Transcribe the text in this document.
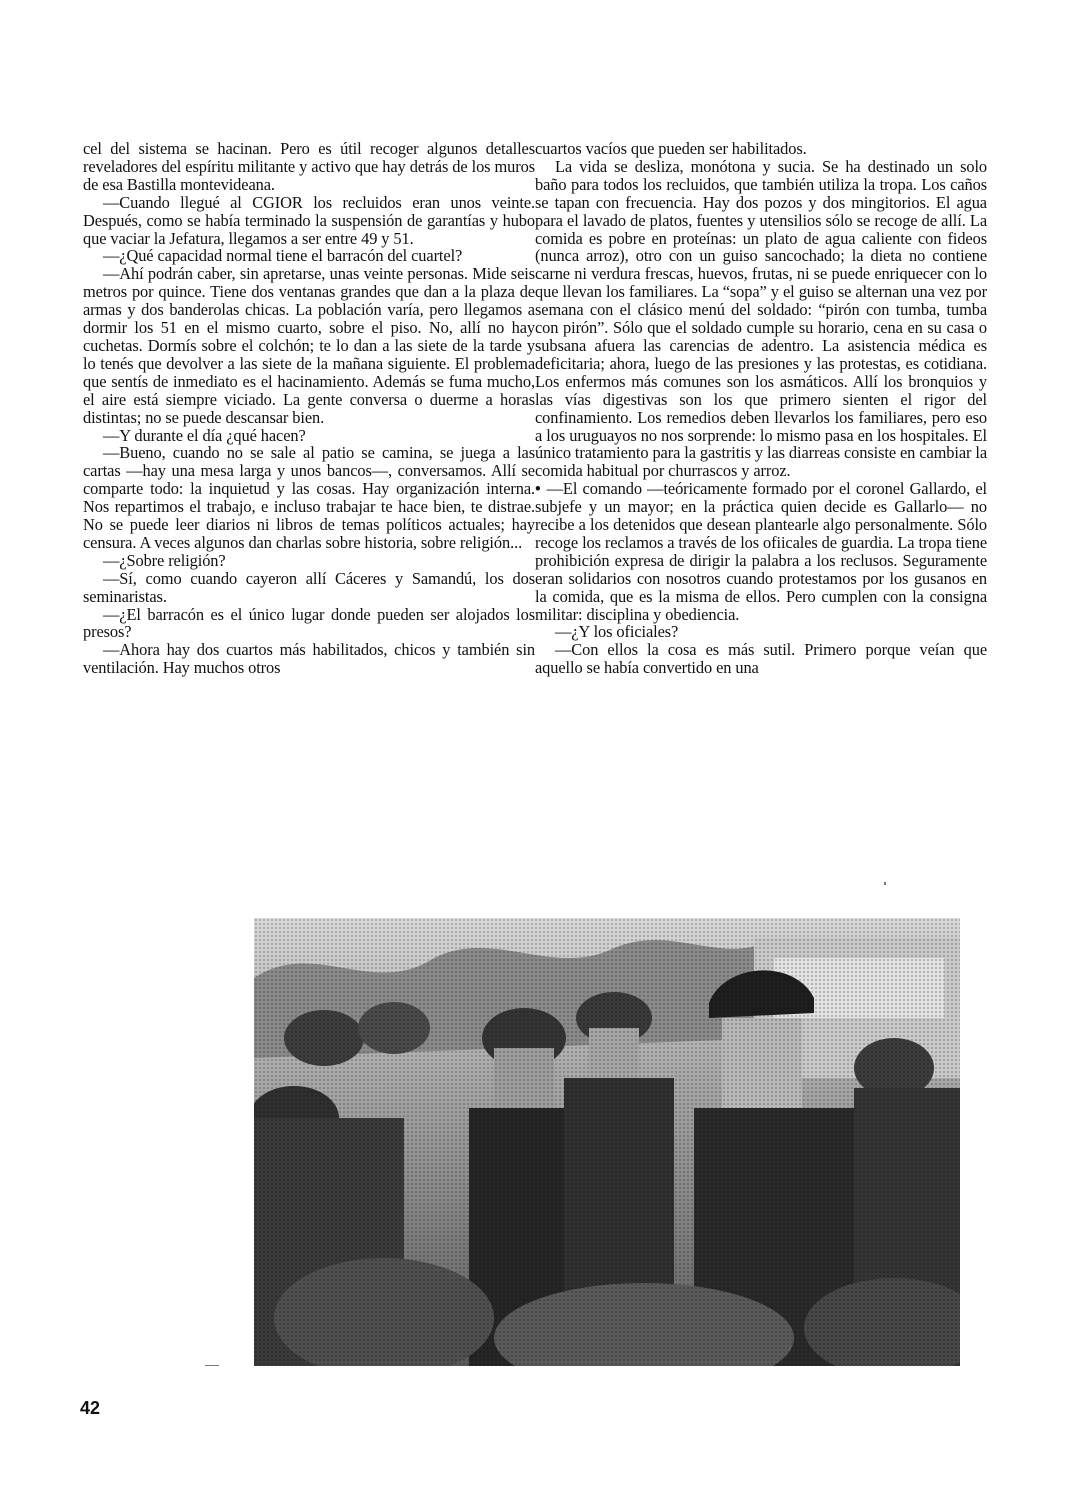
cel del sistema se hacinan. Pero es útil recoger algunos detalles reveladores del espíritu militante y activo que hay detrás de los muros de esa Bastilla montevideana.

—Cuando llegué al CGIOR los recluidos eran unos veinte. Después, como se había terminado la suspensión de garantías y hubo que vaciar la Jefatura, llegamos a ser entre 49 y 51.

—¿Qué capacidad normal tiene el barracón del cuartel?

—Ahí podrán caber, sin apretarse, unas veinte personas. Mide seis metros por quince. Tiene dos ventanas grandes que dan a la plaza de armas y dos banderolas chicas. La población varía, pero llegamos a dormir los 51 en el mismo cuarto, sobre el piso. No, allí no hay cuchetas. Dormís sobre el colchón; te lo dan a las siete de la tarde y lo tenés que devolver a las siete de la mañana siguiente. El problema que sentís de inmediato es el hacinamiento. Además se fuma mucho, el aire está siempre viciado. La gente conversa o duerme a horas distintas; no se puede descansar bien.

—Y durante el día ¿qué hacen?

—Bueno, cuando no se sale al patio se camina, se juega a las cartas —hay una mesa larga y unos bancos—, conversamos. Allí se comparte todo: la inquietud y las cosas. Hay organización interna. Nos repartimos el trabajo, e incluso trabajar te hace bien, te distrae. No se puede leer diarios ni libros de temas políticos actuales; hay censura. A veces algunos dan charlas sobre historia, sobre religión...

—¿Sobre religión?

—Sí, como cuando cayeron allí Cáceres y Samandú, los dos seminaristas.

—¿El barracón es el único lugar donde pueden ser alojados los presos?

—Ahora hay dos cuartos más habilitados, chicos y también sin ventilación. Hay muchos otros

cuartos vacíos que pueden ser habilitados.

La vida se desliza, monótona y sucia. Se ha destinado un solo baño para todos los recluidos, que también utiliza la tropa. Los caños se tapan con frecuencia. Hay dos pozos y dos mingitorios. El agua para el lavado de platos, fuentes y utensilios sólo se recoge de allí. La comida es pobre en proteínas: un plato de agua caliente con fideos (nunca arroz), otro con un guiso sancochado; la dieta no contiene carne ni verdura frescas, huevos, frutas, ni se puede enriquecer con lo que llevan los familiares. La “sopa” y el guiso se alternan una vez por semana con el clásico menú del soldado: “pirón con tumba, tumba con pirón”. Sólo que el soldado cumple su horario, cena en su casa o subsana afuera las carencias de adentro. La asistencia médica es deficitaria; ahora, luego de las presiones y las protestas, es cotidiana. Los enfermos más comunes son los asmáticos. Allí los bronquios y las vías digestivas son los que primero sienten el rigor del confinamiento. Los remedios deben llevarlos los familiares, pero eso a los uruguayos no nos sorprende: lo mismo pasa en los hospitales. El único tratamiento para la gastritis y las diarreas consiste en cambiar la comida habitual por churrascos y arroz.

• —El comando —teóricamente formado por el coronel Gallardo, el subjefe y un mayor; en la práctica quien decide es Gallarlo— no recibe a los detenidos que desean plantearle algo personalmente. Sólo recoge los reclamos a través de los ofiicales de guardia. La tropa tiene prohibición expresa de dirigir la palabra a los reclusos. Seguramente eran solidarios con nosotros cuando protestamos por los gusanos en la comida, que es la misma de ellos. Pero cumplen con la consigna militar: disciplina y obediencia.

—¿Y los oficiales?

—Con ellos la cosa es más sutil. Primero porque veían que aquello se había convertido en una

42
